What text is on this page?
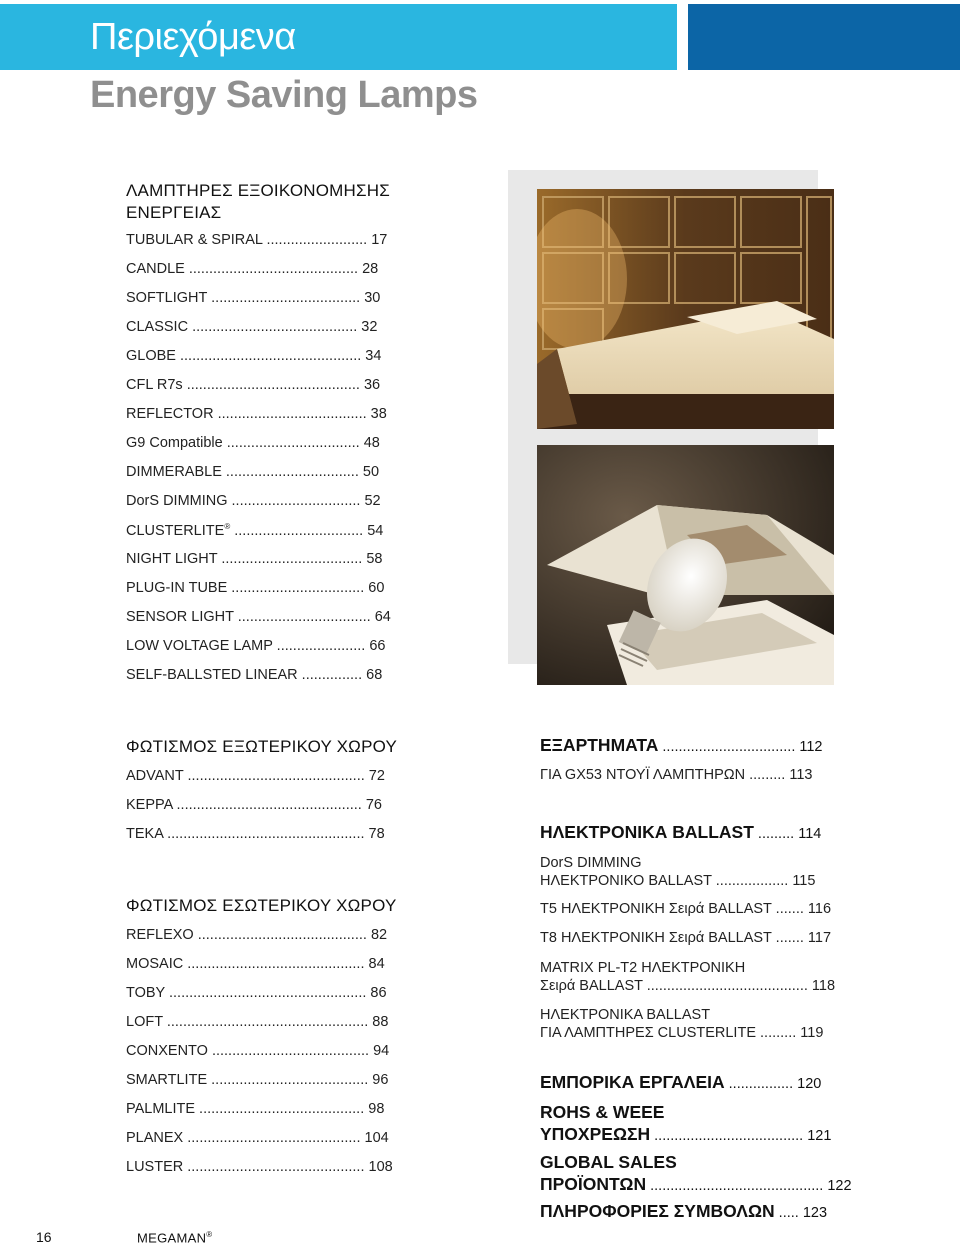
Περιεχόμενα
Energy Saving Lamps
ΛΑΜΠΤΗΡΕΣ ΕΞΟΙΚΟΝΟΜΗΣΗΣ
ΕΝΕΡΓΕΙΑΣ
TUBULAR & SPIRAL ......................... 17
CANDLE .......................................... 28
SOFTLIGHT ..................................... 30
CLASSIC ......................................... 32
GLOBE ............................................. 34
CFL R7s ........................................... 36
REFLECTOR ..................................... 38
G9 Compatible ................................. 48
DIMMERABLE ................................. 50
DorS DIMMING ................................ 52
CLUSTERLITE® ................................ 54
NIGHT LIGHT ................................... 58
PLUG-IN TUBE ................................. 60
SENSOR LIGHT ................................. 64
LOW VOLTAGE LAMP ...................... 66
SELF-BALLSTED LINEAR ............... 68
ΦΩΤΙΣΜΟΣ ΕΞΩΤΕΡΙΚΟΥ ΧΩΡΟΥ
ADVANT ............................................ 72
KEPPA .............................................. 76
TEKA ................................................. 78
ΦΩΤΙΣΜΟΣ ΕΣΩΤΕΡΙΚΟΥ ΧΩΡΟΥ
REFLEXO .......................................... 82
MOSAIC ............................................ 84
TOBY ................................................. 86
LOFT .................................................. 88
CONXENTO ....................................... 94
SMARTLITE ....................................... 96
PALMLITE ......................................... 98
PLANEX ........................................... 104
LUSTER ............................................ 108
ΕΞΑΡΤΗΜΑΤΑ ................................. 112
ΓΙΑ GX53 ΝΤΟΥΪ ΛΑΜΠΤΗΡΩΝ ......... 113
ΗΛΕΚΤΡΟΝΙΚΑ BALLAST ......... 114
DorS DIMMING
ΗΛΕΚΤΡΟΝΙΚΟ BALLAST .................. 115
T5 ΗΛΕΚΤΡΟΝΙΚΗ Σειρά BALLAST ....... 116
T8 ΗΛΕΚΤΡΟΝΙΚΗ Σειρά BALLAST ....... 117
MATRIX PL-T2 ΗΛΕΚΤΡΟΝΙΚΗ
Σειρά BALLAST ........................................ 118
ΗΛΕΚΤΡΟΝΙΚΑ BALLAST
ΓΙΑ ΛΑΜΠΤΗΡΕΣ CLUSTERLITE ......... 119
ΕΜΠΟΡΙΚΑ ΕΡΓΑΛΕΙΑ ................ 120
ROHS & WEEE
ΥΠΟΧΡΕΩΣΗ ..................................... 121
GLOBAL SALES
ΠΡΟΪΟΝΤΩΝ ........................................... 122
ΠΛΗΡΟΦΟΡΙΕΣ ΣΥΜΒΟΛΩΝ ..... 123
16	MEGAMAN®
